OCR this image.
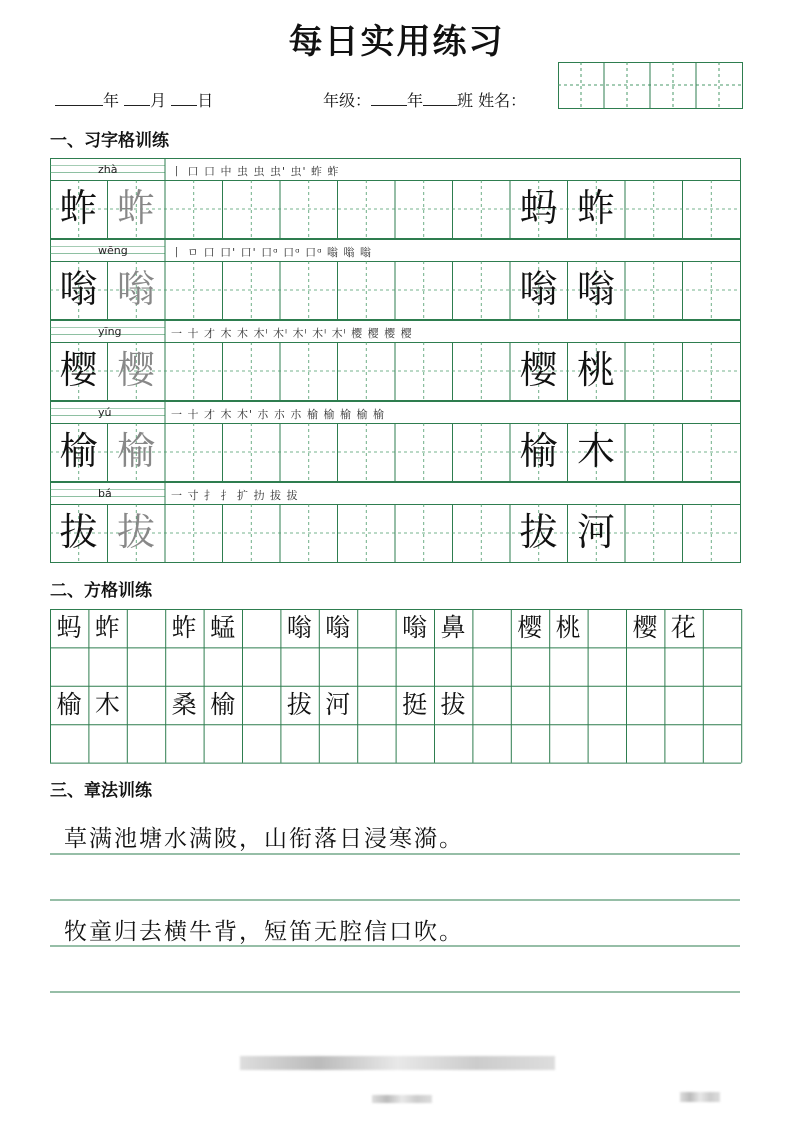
每日实用练习
年 月 日	年级： 年 班 姓名：
一、习字格训练
zhà	丨 口 口 中 虫 虫 虫' 虫' 蚱 蚱
蚱 蚱	蚂 蚱
wēng	丨 ㅁ 口 口' 口' 口ᵅ 口ᵅ 口ᵅ 嗡 嗡 嗡
嗡 嗡	嗡 嗡
yīng	一 十 才 木 木 木ᴵ 木ᴵ 木ᴵ 木ᴵ 木ᴵ 樱 樱 樱 樱
樱 樱	樱 桃
yú	一 十 才 木 木' 朩 朩 朩 榆 榆 榆 榆 榆
榆 榆	榆 木
bá	一 寸 扌 扌 扩 扐 拔 拔
拔 拔	拔 河
二、方格训练
蚂 蚱 蚱 蜢 嗡 嗡 嗡 鼻 樱 桃 樱 花
榆 木 桑 榆 拔 河 挺 拔
三、章法训练
草满池塘水满陂，山衔落日浸寒漪。
牧童归去横牛背，短笛无腔信口吹。
